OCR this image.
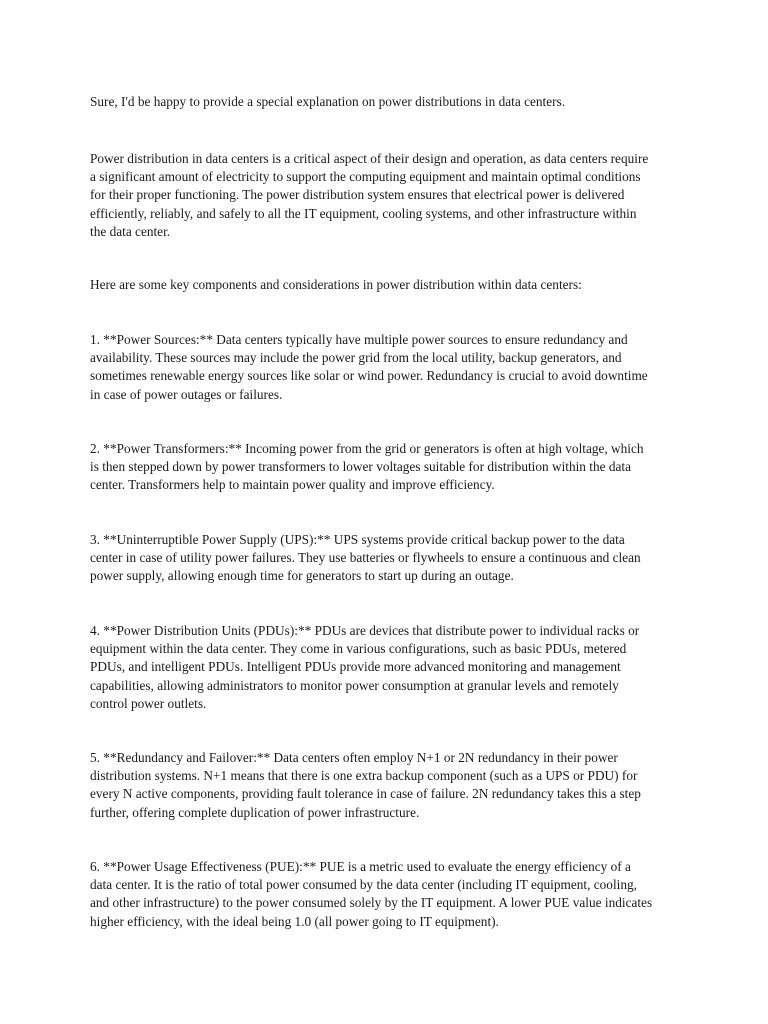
Sure, I'd be happy to provide a special explanation on power distributions in data centers.

Power distribution in data centers is a critical aspect of their design and operation, as data centers require
a significant amount of electricity to support the computing equipment and maintain optimal conditions
for their proper functioning. The power distribution system ensures that electrical power is delivered
efficiently, reliably, and safely to all the IT equipment, cooling systems, and other infrastructure within
the data center.

Here are some key components and considerations in power distribution within data centers:

1. **Power Sources:** Data centers typically have multiple power sources to ensure redundancy and
availability. These sources may include the power grid from the local utility, backup generators, and
sometimes renewable energy sources like solar or wind power. Redundancy is crucial to avoid downtime
in case of power outages or failures.

2. **Power Transformers:** Incoming power from the grid or generators is often at high voltage, which
is then stepped down by power transformers to lower voltages suitable for distribution within the data
center. Transformers help to maintain power quality and improve efficiency.

3. **Uninterruptible Power Supply (UPS):** UPS systems provide critical backup power to the data
center in case of utility power failures. They use batteries or flywheels to ensure a continuous and clean
power supply, allowing enough time for generators to start up during an outage.

4. **Power Distribution Units (PDUs):** PDUs are devices that distribute power to individual racks or
equipment within the data center. They come in various configurations, such as basic PDUs, metered
PDUs, and intelligent PDUs. Intelligent PDUs provide more advanced monitoring and management
capabilities, allowing administrators to monitor power consumption at granular levels and remotely
control power outlets.

5. **Redundancy and Failover:** Data centers often employ N+1 or 2N redundancy in their power
distribution systems. N+1 means that there is one extra backup component (such as a UPS or PDU) for
every N active components, providing fault tolerance in case of failure. 2N redundancy takes this a step
further, offering complete duplication of power infrastructure.

6. **Power Usage Effectiveness (PUE):** PUE is a metric used to evaluate the energy efficiency of a
data center. It is the ratio of total power consumed by the data center (including IT equipment, cooling,
and other infrastructure) to the power consumed solely by the IT equipment. A lower PUE value indicates
higher efficiency, with the ideal being 1.0 (all power going to IT equipment).
